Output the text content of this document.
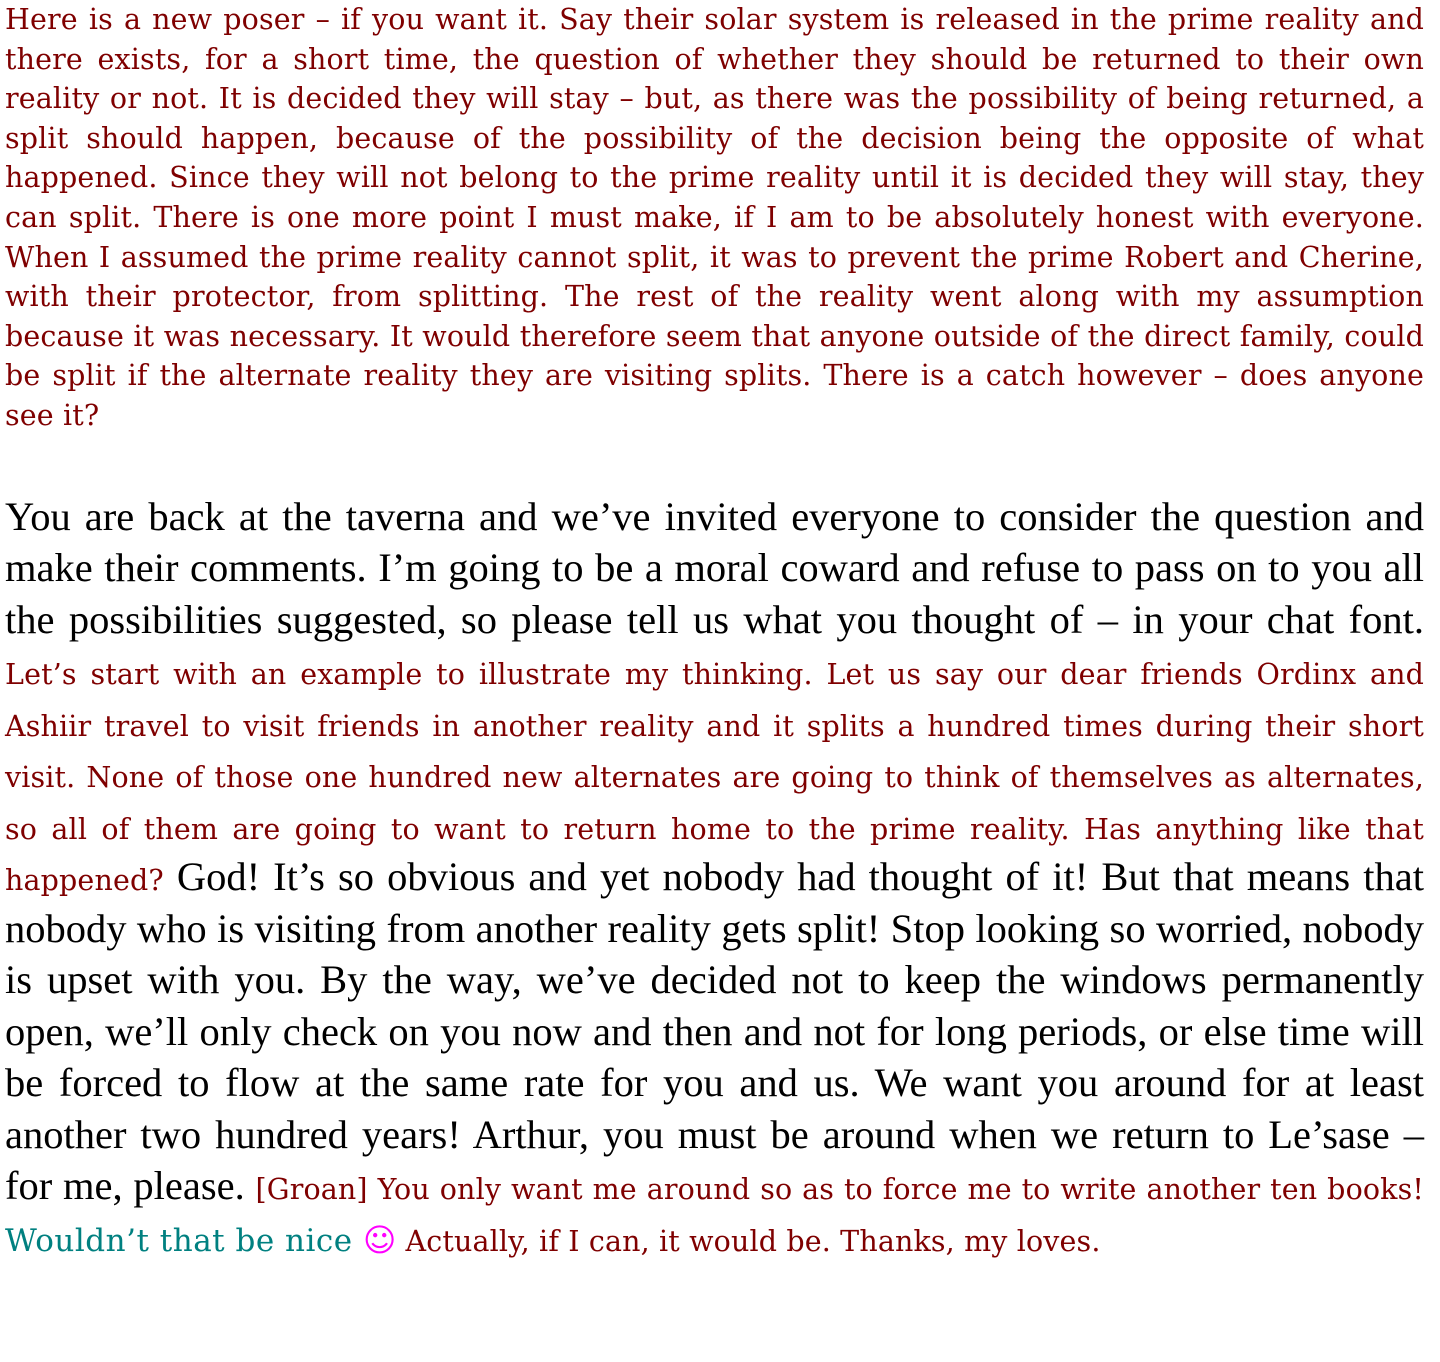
Here is a new poser – if you want it. Say their solar system is released in the prime reality and there exists, for a short time, the question of whether they should be returned to their own reality or not. It is decided they will stay – but, as there was the possibility of being returned, a split should happen, because of the possibility of the decision being the opposite of what happened. Since they will not belong to the prime reality until it is decided they will stay, they can split. There is one more point I must make, if I am to be absolutely honest with everyone. When I assumed the prime reality cannot split, it was to prevent the prime Robert and Cherine, with their protector, from splitting. The rest of the reality went along with my assumption because it was necessary. It would therefore seem that anyone outside of the direct family, could be split if the alternate reality they are visiting splits. There is a catch however – does anyone see it?

You are back at the taverna and we’ve invited everyone to consider the question and make their comments. I’m going to be a moral coward and refuse to pass on to you all the possibilities suggested, so please tell us what you thought of – in your chat font. Let’s start with an example to illustrate my thinking. Let us say our dear friends Ordinx and Ashiir travel to visit friends in another reality and it splits a hundred times during their short visit. None of those one hundred new alternates are going to think of themselves as alternates, so all of them are going to want to return home to the prime reality. Has anything like that happened? God! It’s so obvious and yet nobody had thought of it! But that means that nobody who is visiting from another reality gets split! Stop looking so worried, nobody is upset with you. By the way, we’ve decided not to keep the windows permanently open, we’ll only check on you now and then and not for long periods, or else time will be forced to flow at the same rate for you and us. We want you around for at least another two hundred years! Arthur, you must be around when we return to Le’sase – for me, please. [Groan] You only want me around so as to force me to write another ten books! Wouldn’t that be nice ☺ Actually, if I can, it would be. Thanks, my loves.
